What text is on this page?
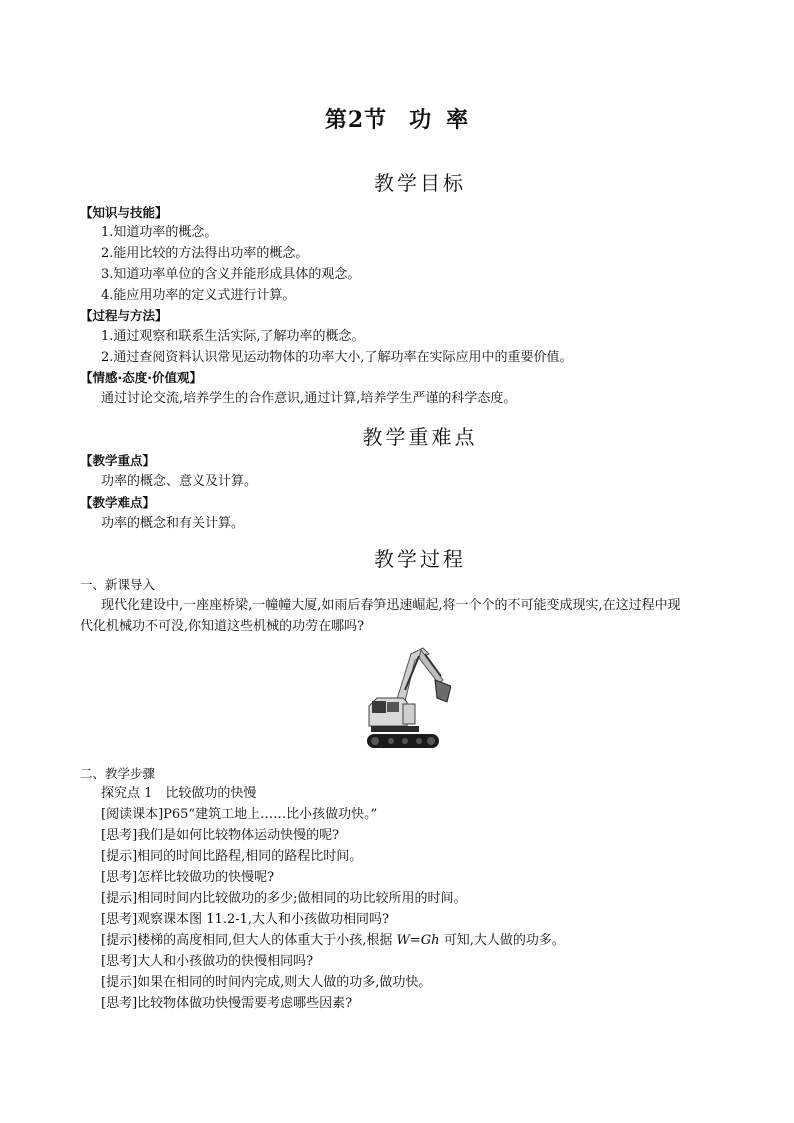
第2节 功 率
教学目标
【知识与技能】
1.知道功率的概念。
2.能用比较的方法得出功率的概念。
3.知道功率单位的含义并能形成具体的观念。
4.能应用功率的定义式进行计算。
【过程与方法】
1.通过观察和联系生活实际,了解功率的概念。
2.通过查阅资料认识常见运动物体的功率大小,了解功率在实际应用中的重要价值。
【情感·态度·价值观】
通过讨论交流,培养学生的合作意识,通过计算,培养学生严谨的科学态度。
教学重难点
【教学重点】
功率的概念、意义及计算。
【教学难点】
功率的概念和有关计算。
教学过程
一、新课导入
现代化建设中,一座座桥梁,一幢幢大厦,如雨后春笋迅速崛起,将一个个的不可能变成现实,在这过程中现
代化机械功不可没,你知道这些机械的功劳在哪吗?
二、教学步骤
探究点 1　比较做功的快慢
[阅读课本]P65“建筑工地上……比小孩做功快。”
[思考]我们是如何比较物体运动快慢的呢?
[提示]相同的时间比路程,相同的路程比时间。
[思考]怎样比较做功的快慢呢?
[提示]相同时间内比较做功的多少;做相同的功比较所用的时间。
[思考]观察课本图 11.2-1,大人和小孩做功相同吗?
[提示]楼梯的高度相同,但大人的体重大于小孩,根据 W=Gh 可知,大人做的功多。
[思考]大人和小孩做功的快慢相同吗?
[提示]如果在相同的时间内完成,则大人做的功多,做功快。
[思考]比较物体做功快慢需要考虑哪些因素?
